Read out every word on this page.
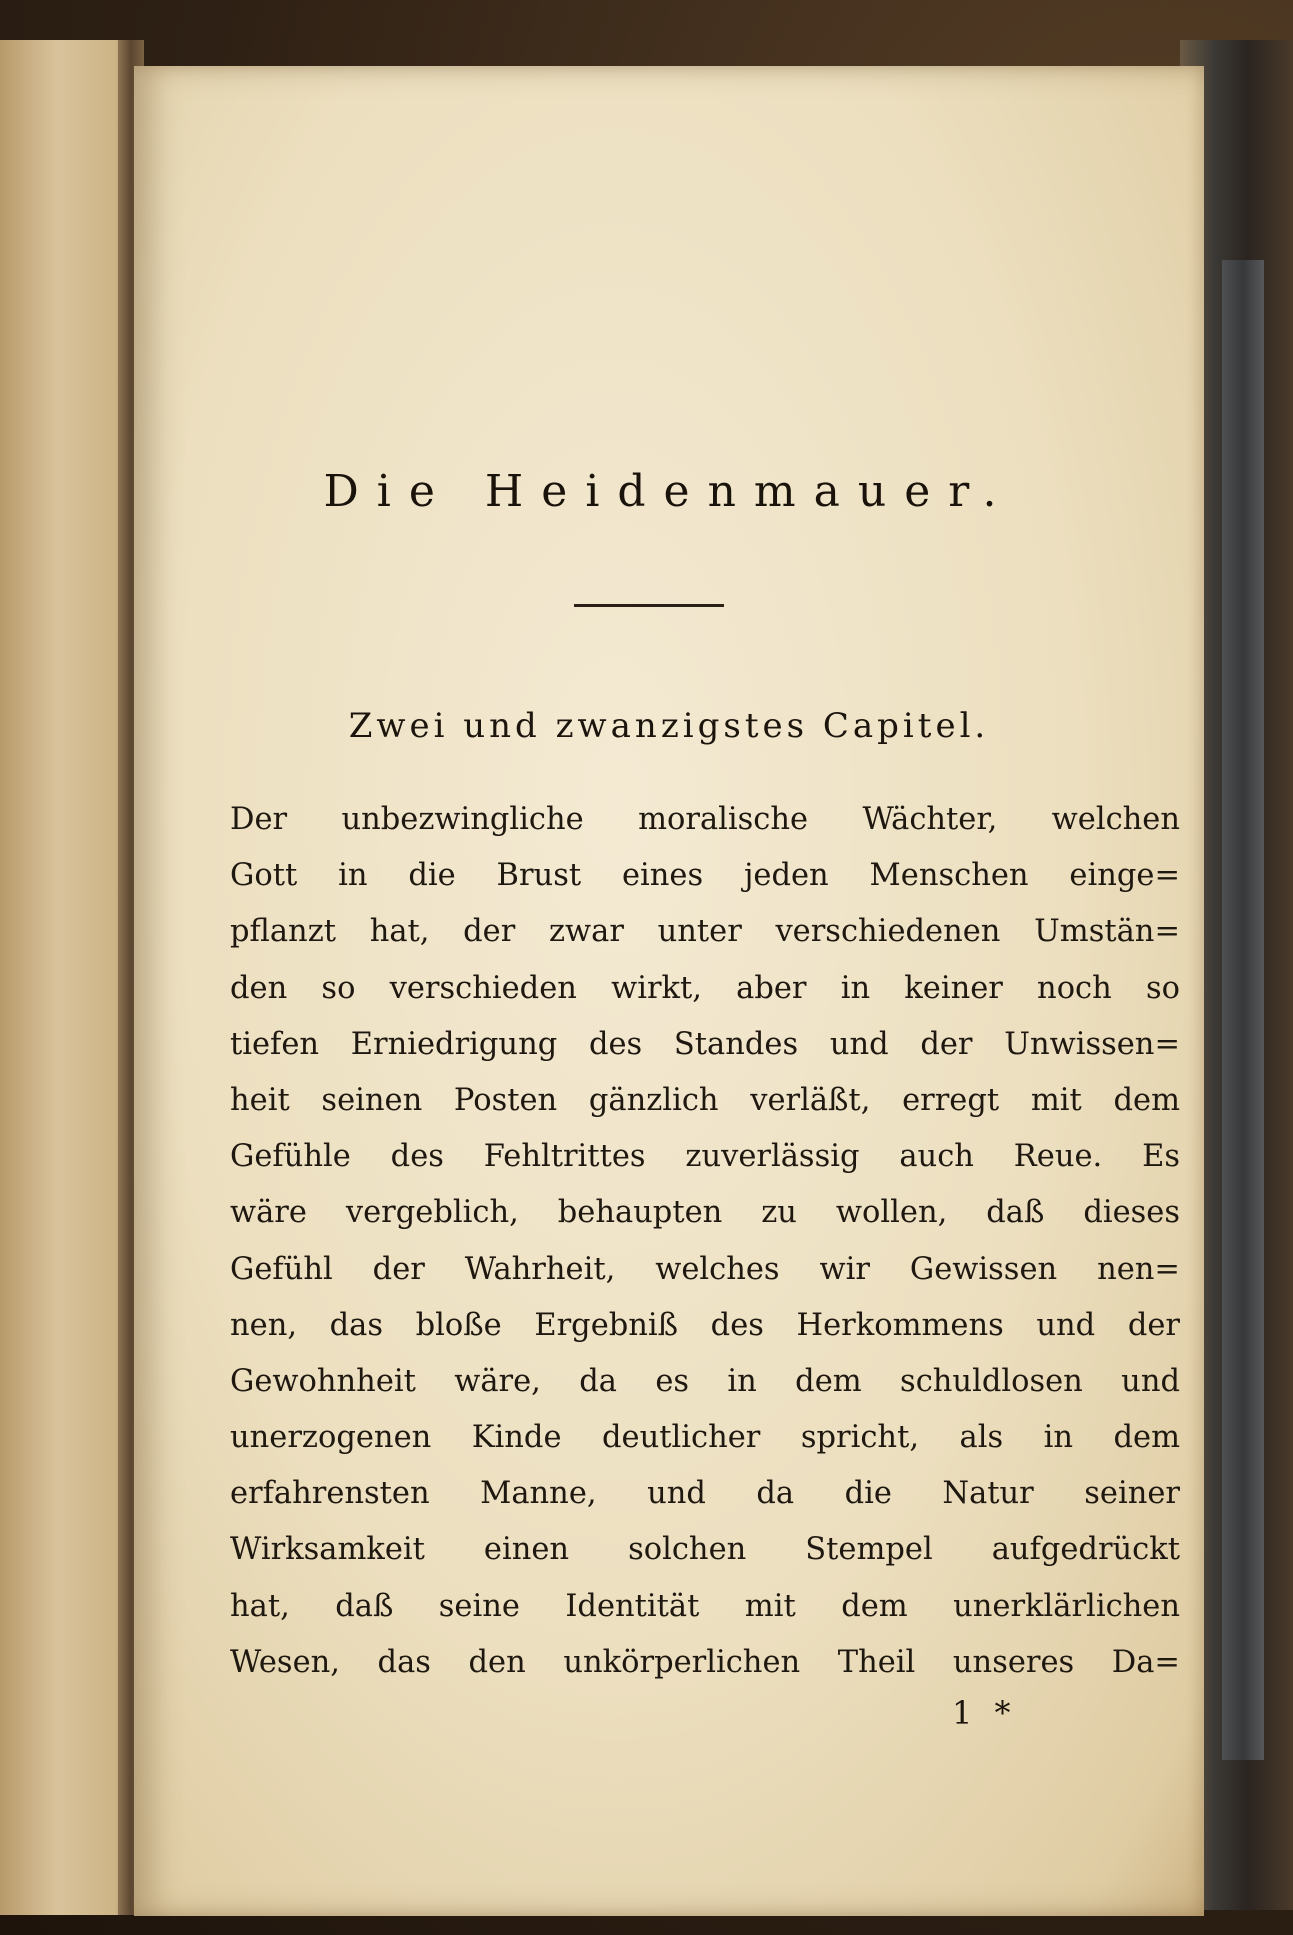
Die Heidenmauer.
Zwei und zwanzigstes Capitel.
Der unbezwingliche moralische Wächter, welchen
Gott in die Brust eines jeden Menschen einge=
pflanzt hat, der zwar unter verschiedenen Umstän=
den so verschieden wirkt, aber in keiner noch so
tiefen Erniedrigung des Standes und der Unwissen=
heit seinen Posten gänzlich verläßt, erregt mit dem
Gefühle des Fehltrittes zuverlässig auch Reue. Es
wäre vergeblich, behaupten zu wollen, daß dieses
Gefühl der Wahrheit, welches wir Gewissen nen=
nen, das bloße Ergebniß des Herkommens und der
Gewohnheit wäre, da es in dem schuldlosen und
unerzogenen Kinde deutlicher spricht, als in dem
erfahrensten Manne, und da die Natur seiner
Wirksamkeit einen solchen Stempel aufgedrückt
hat, daß seine Identität mit dem unerklärlichen
Wesen, das den unkörperlichen Theil unseres Da=
1 *
